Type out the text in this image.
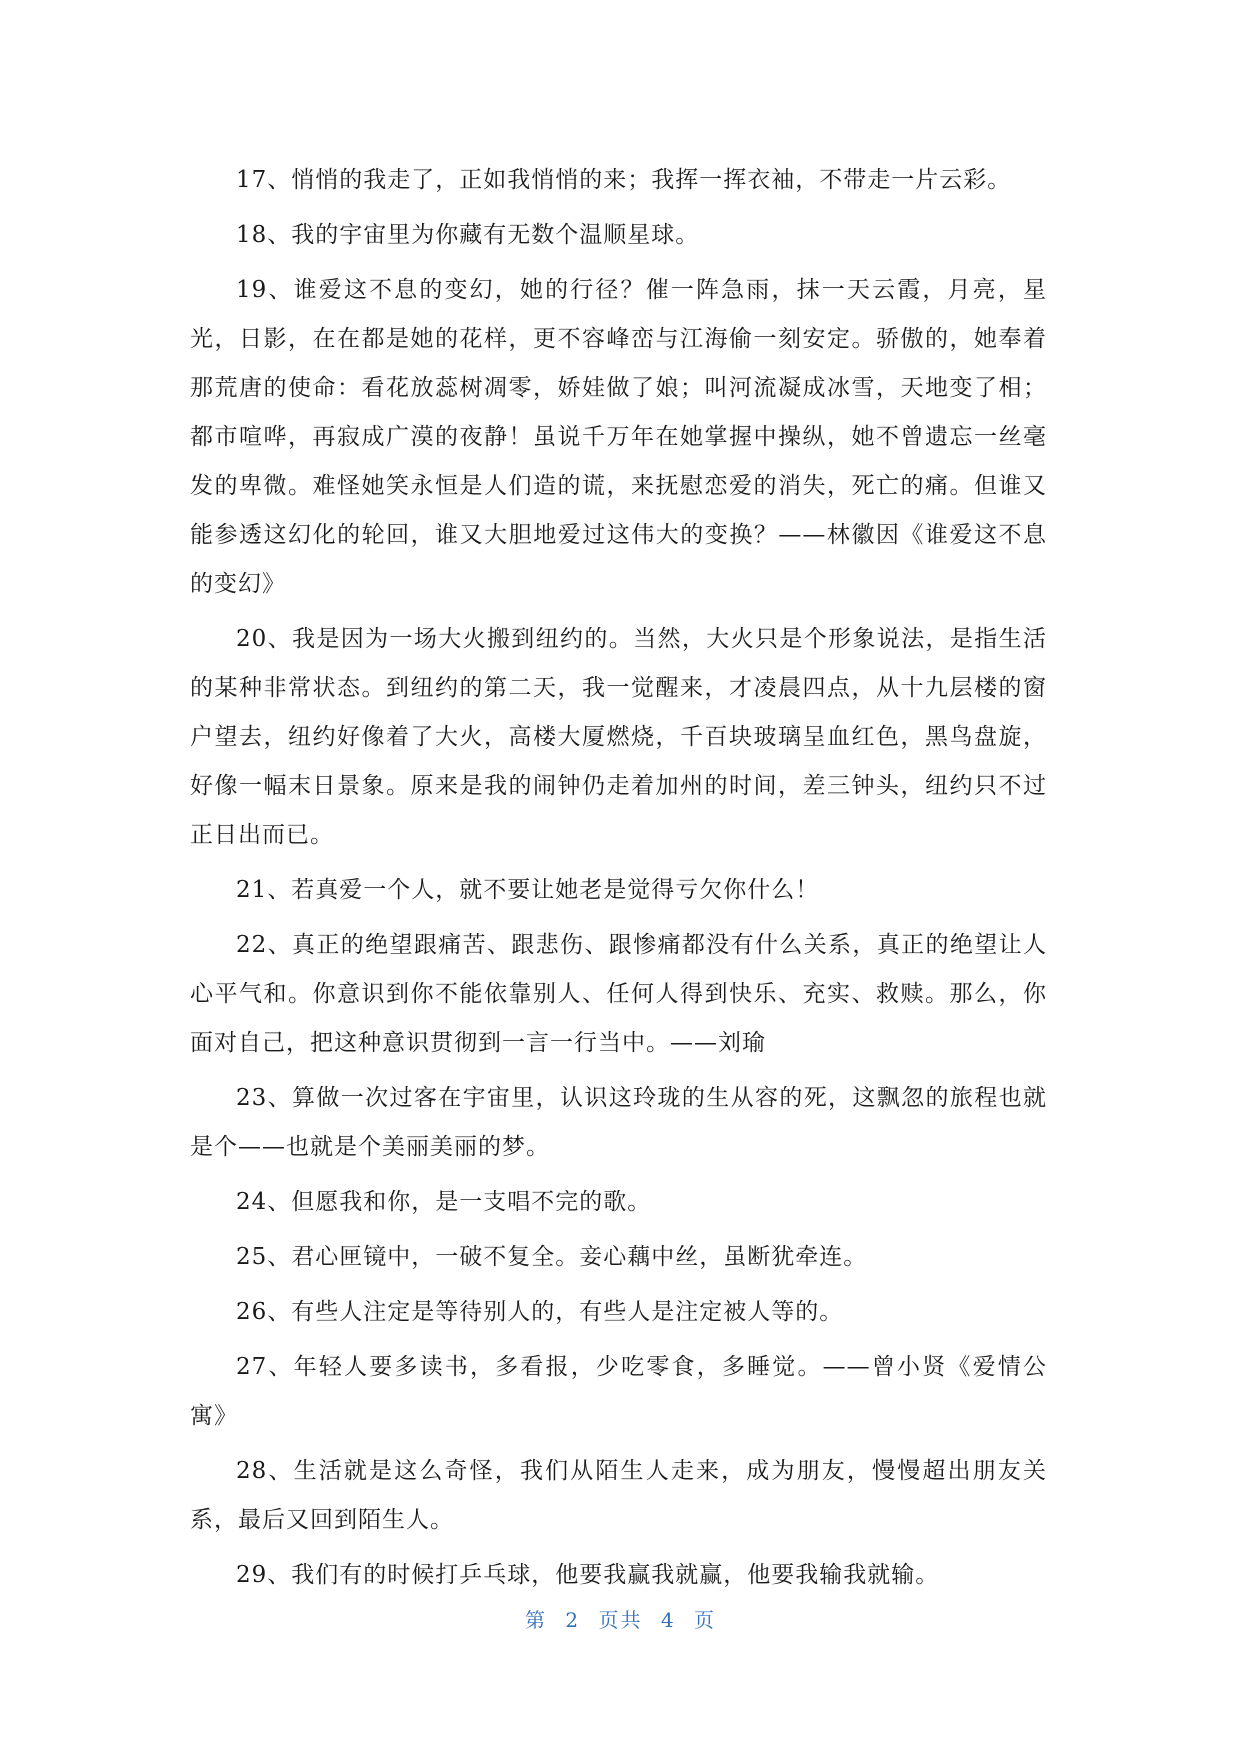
17、悄悄的我走了，正如我悄悄的来；我挥一挥衣袖，不带走一片云彩。

18、我的宇宙里为你藏有无数个温顺星球。

19、谁爱这不息的变幻，她的行径？催一阵急雨，抹一天云霞，月亮，星光，日影，在在都是她的花样，更不容峰峦与江海偷一刻安定。骄傲的，她奉着那荒唐的使命：看花放蕊树凋零，娇娃做了娘；叫河流凝成冰雪，天地变了相；都市喧哗，再寂成广漠的夜静！虽说千万年在她掌握中操纵，她不曾遗忘一丝毫发的卑微。难怪她笑永恒是人们造的谎，来抚慰恋爱的消失，死亡的痛。但谁又能参透这幻化的轮回，谁又大胆地爱过这伟大的变换？——林徽因《谁爱这不息的变幻》

20、我是因为一场大火搬到纽约的。当然，大火只是个形象说法，是指生活的某种非常状态。到纽约的第二天，我一觉醒来，才凌晨四点，从十九层楼的窗户望去，纽约好像着了大火，高楼大厦燃烧，千百块玻璃呈血红色，黑鸟盘旋，好像一幅末日景象。原来是我的闹钟仍走着加州的时间，差三钟头，纽约只不过正日出而已。

21、若真爱一个人，就不要让她老是觉得亏欠你什么！

22、真正的绝望跟痛苦、跟悲伤、跟惨痛都没有什么关系，真正的绝望让人心平气和。你意识到你不能依靠别人、任何人得到快乐、充实、救赎。那么，你面对自己，把这种意识贯彻到一言一行当中。——刘瑜

23、算做一次过客在宇宙里，认识这玲珑的生从容的死，这飘忽的旅程也就是个——也就是个美丽美丽的梦。

24、但愿我和你，是一支唱不完的歌。

25、君心匣镜中，一破不复全。妾心藕中丝，虽断犹牵连。

26、有些人注定是等待别人的，有些人是注定被人等的。

27、年轻人要多读书，多看报，少吃零食，多睡觉。——曾小贤《爱情公寓》

28、生活就是这么奇怪，我们从陌生人走来，成为朋友，慢慢超出朋友关系，最后又回到陌生人。

29、我们有的时候打乒乓球，他要我赢我就赢，他要我输我就输。

第 2 页共 4 页
